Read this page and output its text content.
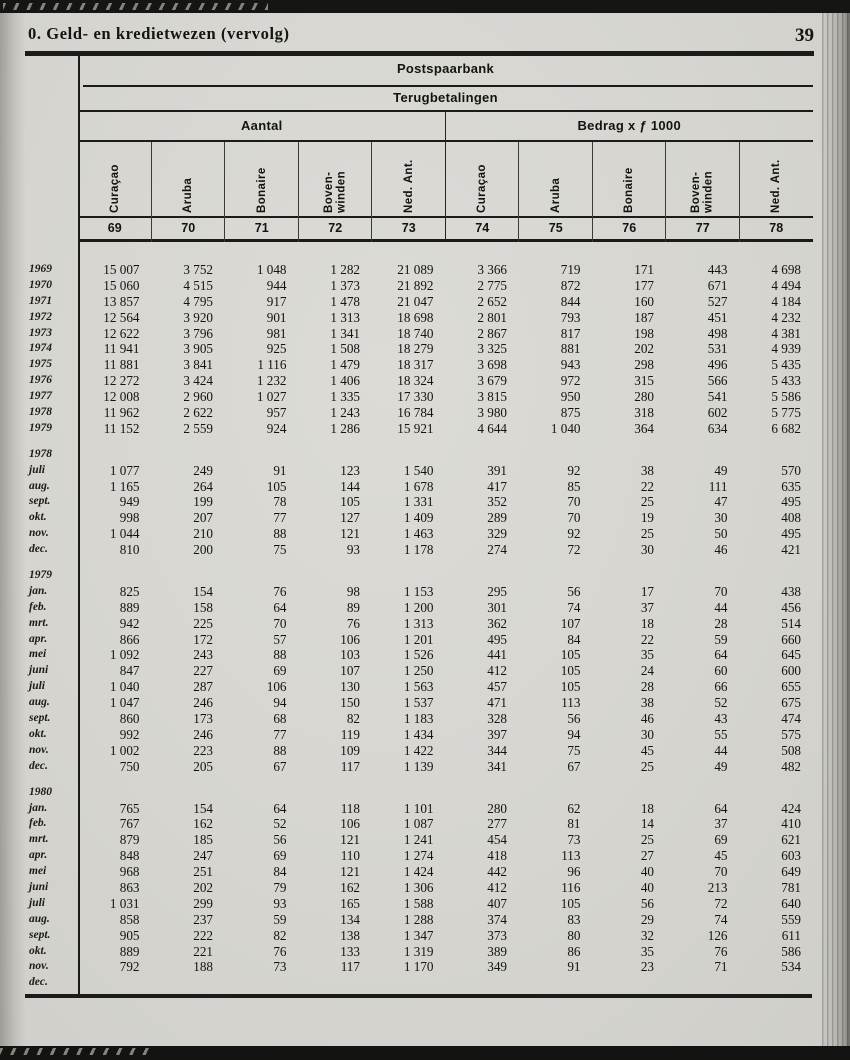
0. Geld- en kredietwezen (vervolg)	39
Postspaarbank
Terugbetalingen
Aantal	Bedrag x ƒ 1000
Curaçao	Aruba	Bonaire	Boven-winden	Ned. Ant.	Curaçao	Aruba	Bonaire	Boven-winden	Ned. Ant.
69	70	71	72	73	74	75	76	77	78
1969	15 007	3 752	1 048	1 282	21 089	3 366	719	171	443	4 698
1970	15 060	4 515	944	1 373	21 892	2 775	872	177	671	4 494
1971	13 857	4 795	917	1 478	21 047	2 652	844	160	527	4 184
1972	12 564	3 920	901	1 313	18 698	2 801	793	187	451	4 232
1973	12 622	3 796	981	1 341	18 740	2 867	817	198	498	4 381
1974	11 941	3 905	925	1 508	18 279	3 325	881	202	531	4 939
1975	11 881	3 841	1 116	1 479	18 317	3 698	943	298	496	5 435
1976	12 272	3 424	1 232	1 406	18 324	3 679	972	315	566	5 433
1977	12 008	2 960	1 027	1 335	17 330	3 815	950	280	541	5 586
1978	11 962	2 622	957	1 243	16 784	3 980	875	318	602	5 775
1979	11 152	2 559	924	1 286	15 921	4 644	1 040	364	634	6 682
1978
juli	1 077	249	91	123	1 540	391	92	38	49	570
aug.	1 165	264	105	144	1 678	417	85	22	111	635
sept.	949	199	78	105	1 331	352	70	25	47	495
okt.	998	207	77	127	1 409	289	70	19	30	408
nov.	1 044	210	88	121	1 463	329	92	25	50	495
dec.	810	200	75	93	1 178	274	72	30	46	421
1979
jan.	825	154	76	98	1 153	295	56	17	70	438
feb.	889	158	64	89	1 200	301	74	37	44	456
mrt.	942	225	70	76	1 313	362	107	18	28	514
apr.	866	172	57	106	1 201	495	84	22	59	660
mei	1 092	243	88	103	1 526	441	105	35	64	645
juni	847	227	69	107	1 250	412	105	24	60	600
juli	1 040	287	106	130	1 563	457	105	28	66	655
aug.	1 047	246	94	150	1 537	471	113	38	52	675
sept.	860	173	68	82	1 183	328	56	46	43	474
okt.	992	246	77	119	1 434	397	94	30	55	575
nov.	1 002	223	88	109	1 422	344	75	45	44	508
dec.	750	205	67	117	1 139	341	67	25	49	482
1980
jan.	765	154	64	118	1 101	280	62	18	64	424
feb.	767	162	52	106	1 087	277	81	14	37	410
mrt.	879	185	56	121	1 241	454	73	25	69	621
apr.	848	247	69	110	1 274	418	113	27	45	603
mei	968	251	84	121	1 424	442	96	40	70	649
juni	863	202	79	162	1 306	412	116	40	213	781
juli	1 031	299	93	165	1 588	407	105	56	72	640
aug.	858	237	59	134	1 288	374	83	29	74	559
sept.	905	222	82	138	1 347	373	80	32	126	611
okt.	889	221	76	133	1 319	389	86	35	76	586
nov.	792	188	73	117	1 170	349	91	23	71	534
dec.
